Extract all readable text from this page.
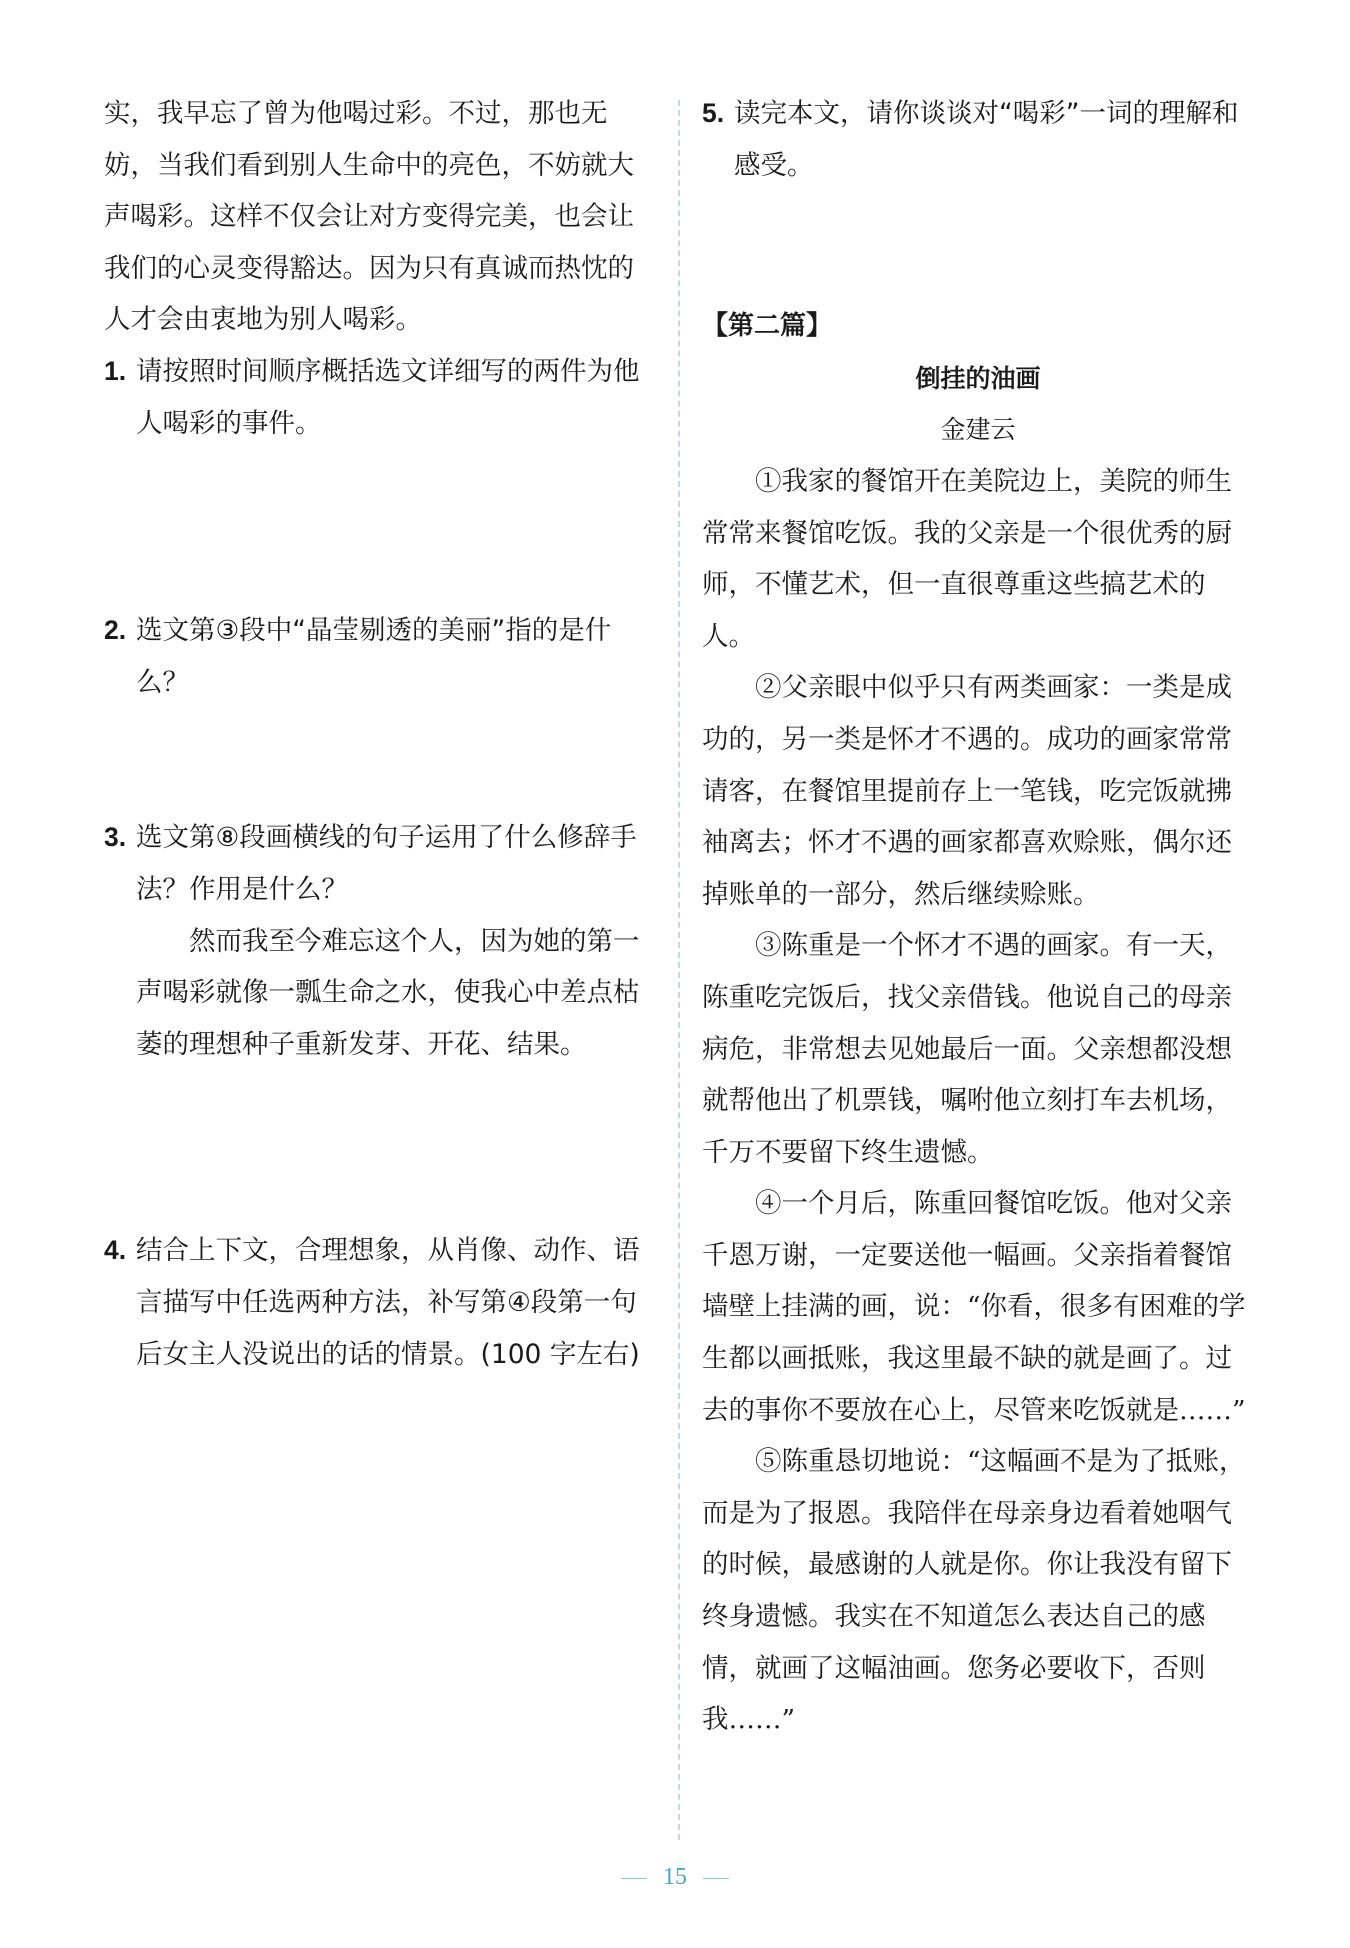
实，我早忘了曾为他喝过彩。不过，那也无妨，当我们看到别人生命中的亮色，不妨就大声喝彩。这样不仅会让对方变得完美，也会让我们的心灵变得豁达。因为只有真诚而热忱的人才会由衷地为别人喝彩。

1. 请按照时间顺序概括选文详细写的两件为他人喝彩的事件。

2. 选文第③段中“晶莹剔透的美丽”指的是什么？

3. 选文第⑧段画横线的句子运用了什么修辞手法？作用是什么？

然而我至今难忘这个人，因为她的第一声喝彩就像一瓢生命之水，使我心中差点枯萎的理想种子重新发芽、开花、结果。

4. 结合上下文，合理想象，从肖像、动作、语言描写中任选两种方法，补写第④段第一句后女主人没说出的话的情景。(100 字左右)

5. 读完本文，请你谈谈对“喝彩”一词的理解和感受。

【第二篇】

倒挂的油画

金建云

①我家的餐馆开在美院边上，美院的师生常常来餐馆吃饭。我的父亲是一个很优秀的厨师，不懂艺术，但一直很尊重这些搞艺术的人。

②父亲眼中似乎只有两类画家：一类是成功的，另一类是怀才不遇的。成功的画家常常请客，在餐馆里提前存上一笔钱，吃完饭就拂袖离去；怀才不遇的画家都喜欢赊账，偶尔还掉账单的一部分，然后继续赊账。

③陈重是一个怀才不遇的画家。有一天，陈重吃完饭后，找父亲借钱。他说自己的母亲病危，非常想去见她最后一面。父亲想都没想就帮他出了机票钱，嘱咐他立刻打车去机场，千万不要留下终生遗憾。

④一个月后，陈重回餐馆吃饭。他对父亲千恩万谢，一定要送他一幅画。父亲指着餐馆墙壁上挂满的画，说：“你看，很多有困难的学生都以画抵账，我这里最不缺的就是画了。过去的事你不要放在心上，尽管来吃饭就是……”

⑤陈重恳切地说：“这幅画不是为了抵账，而是为了报恩。我陪伴在母亲身边看着她咽气的时候，最感谢的人就是你。你让我没有留下终身遗憾。我实在不知道怎么表达自己的感情，就画了这幅油画。您务必要收下，否则我……”

15
